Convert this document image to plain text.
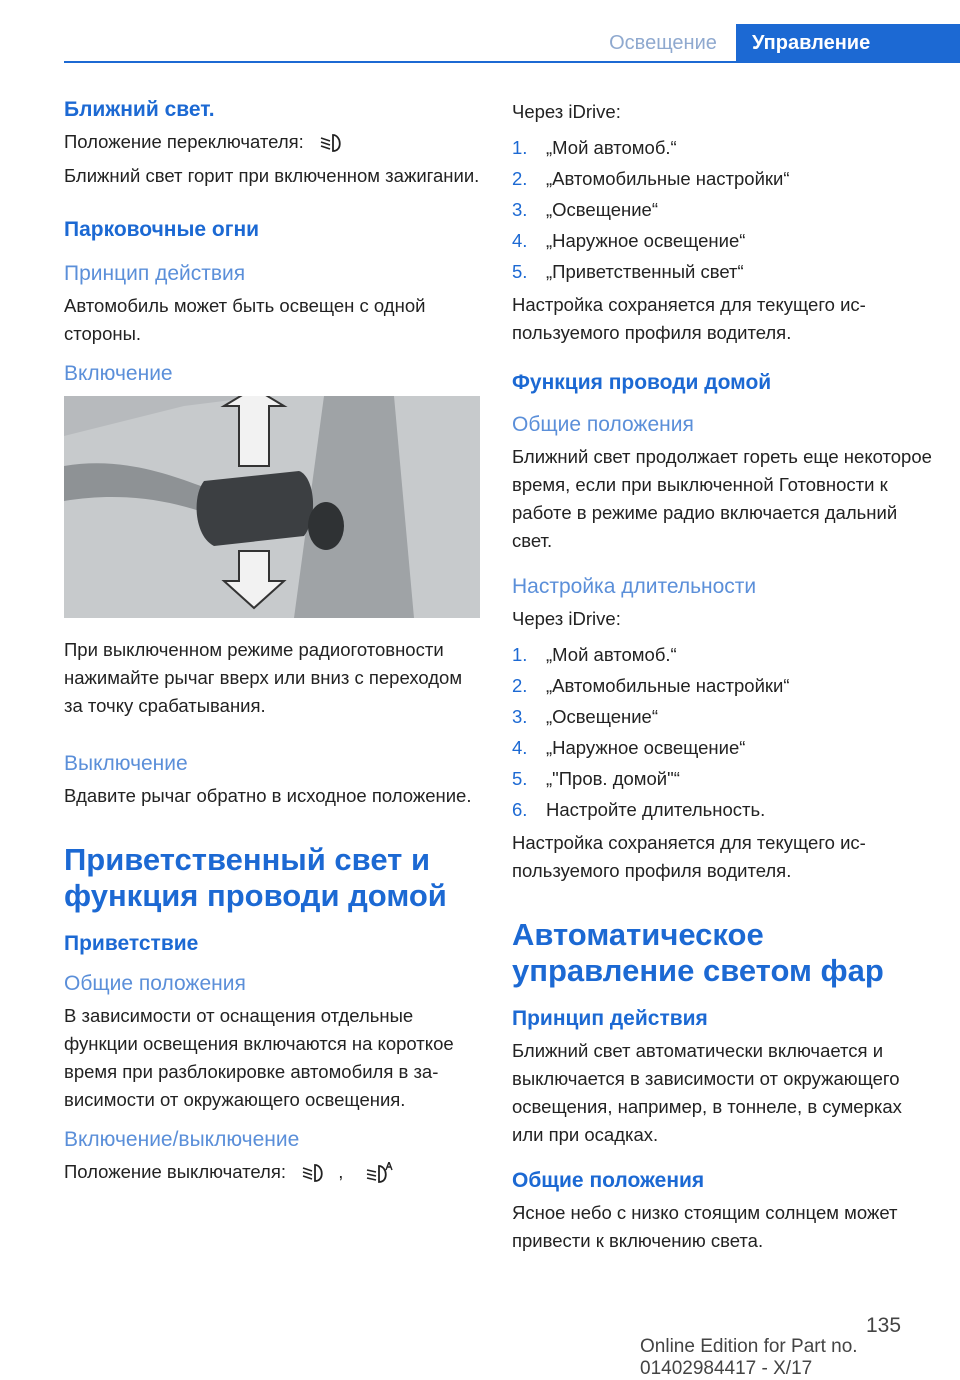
Освещение	Управление
Ближний свет.

Положение переключателя:

Ближний свет горит при включенном зажигании.

Парковочные огни
Принцип действия

Автомобиль может быть освещен с одной стороны.

Включение

При выключенном режиме радиоготовности нажимайте рычаг вверх или вниз с переходом за точку срабатывания.

Выключение

Вдавите рычаг обратно в исходное положение.

Приветственный свет и функция проводи домой
Приветствие
Общие положения

В зависимости от оснащения отдельные функции освещения включаются на короткое время при разблокировке автомобиля в зависимости от окружающего освещения.

Включение/выключение

Положение выключателя:	,

Через iDrive:

1. „Мой автомоб.“
2. „Автомобильные настройки“
3. „Освещение“
4. „Наружное освещение“
5. „Приветственный свет“

Настройка сохраняется для текущего используемого профиля водителя.

Функция проводи домой
Общие положения

Ближний свет продолжает гореть еще некоторое время, если при выключенной Готовности к работе в режиме радио включается дальний свет.

Настройка длительности

Через iDrive:

1. „Мой автомоб.“
2. „Автомобильные настройки“
3. „Освещение“
4. „Наружное освещение“
5. „"Пров. домой"“
6. Настройте длительность.

Настройка сохраняется для текущего используемого профиля водителя.

Автоматическое управление светом фар
Принцип действия

Ближний свет автоматически включается и выключается в зависимости от окружающего освещения, например, в тоннеле, в сумерках или при осадках.

Общие положения

Ясное небо с низко стоящим солнцем может привести к включению света.

135
Online Edition for Part no. 01402984417 - X/17
